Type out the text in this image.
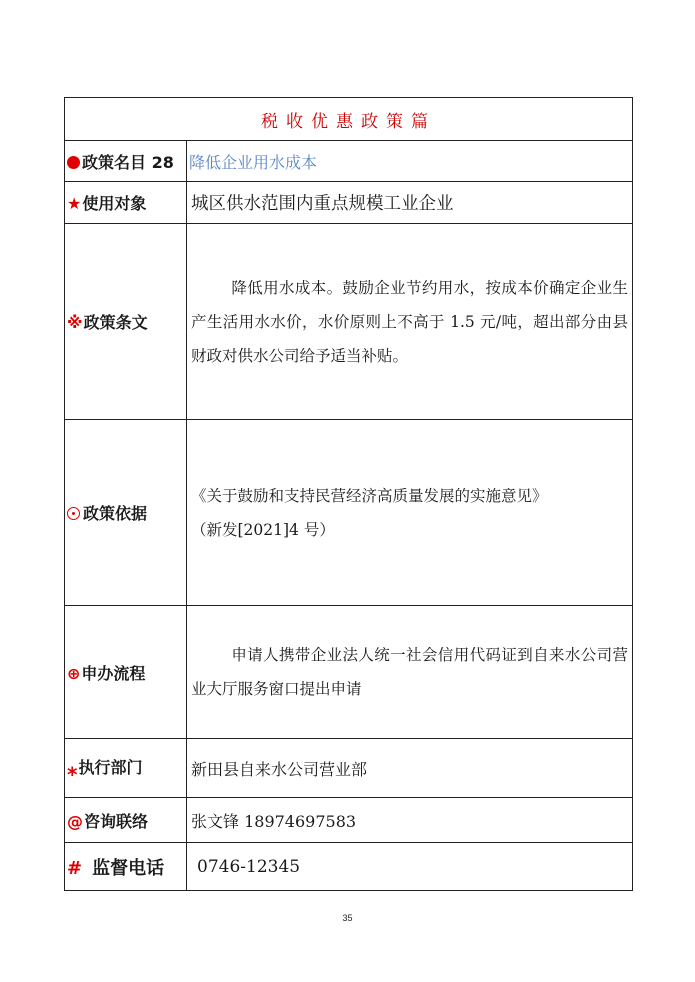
税收优惠政策篇	
政策名目 28	降低企业用水成本
★使用对象	城区供水范围内重点规模工业企业
※政策条文	降低用水成本。鼓励企业节约用水，按成本价确定企业生产生活用水水价，水价原则上不高于 1.5 元/吨，超出部分由县财政对供水公司给予适当补贴。
政策依据	《关于鼓励和支持民营经济高质量发展的实施意见》
（新发[2021]4 号）

⊕申办流程	申请人携带企业法人统一社会信用代码证到自来水公司营业大厅服务窗口提出申请
⁎执行部门	新田县自来水公司营业部
@咨询联络	张文锋 18974697583
# 监督电话	0746-12345
35
